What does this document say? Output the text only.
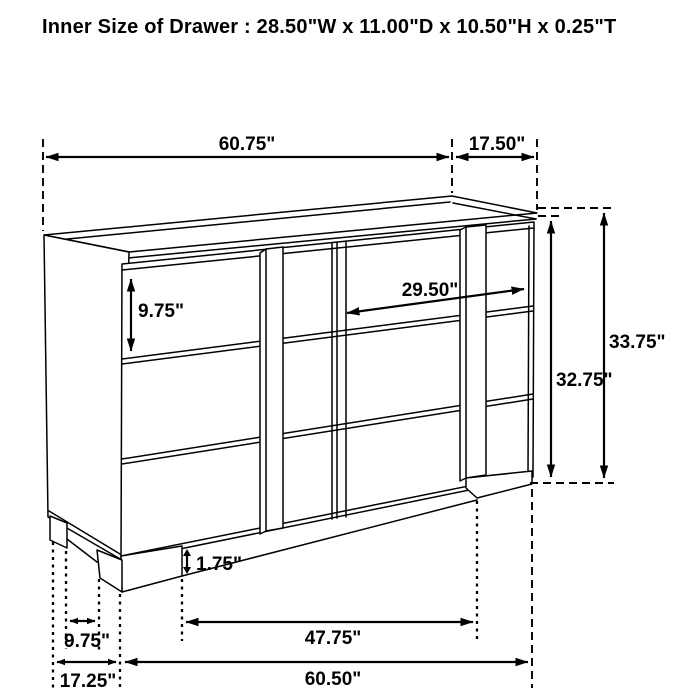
Inner Size of Drawer : 28.50"W x 11.00"D x 10.50"H x 0.25"T
60.75"	17.50"
9.75"
29.50"
32.75"
33.75"
1.75"
9.75"	47.75"
17.25"	60.50"
